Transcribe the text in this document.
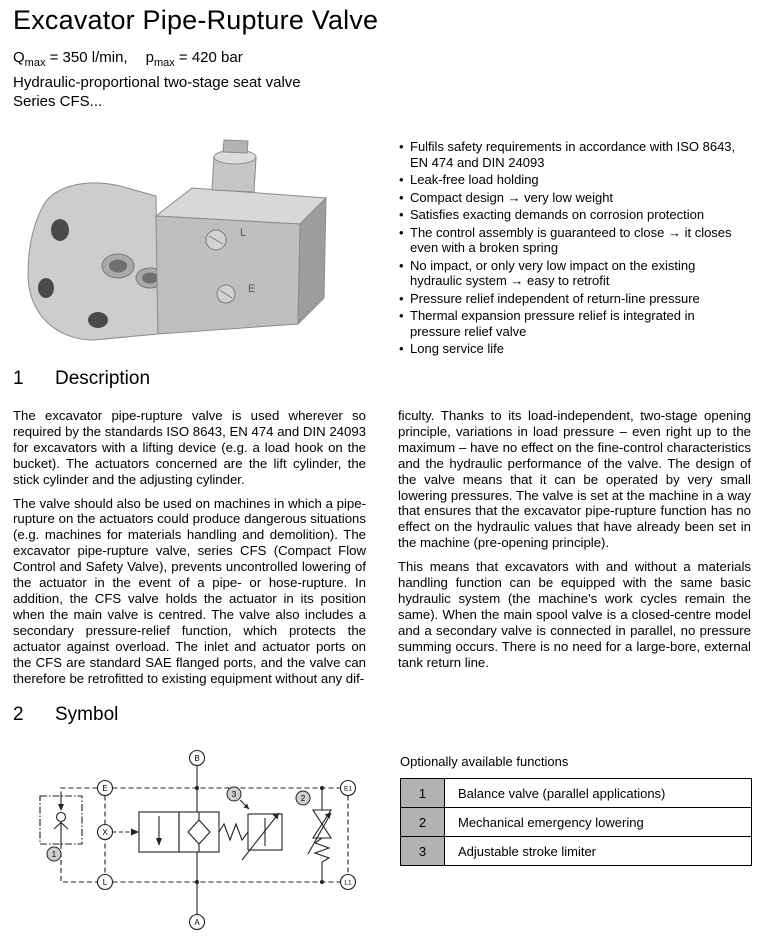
Excavator Pipe-Rupture Valve
$Q_{max} = 350$ l/min, $p_{max} = 420$ bar
Hydraulic-proportional two-stage seat valve
Series CFS...
L
E
• Fulfils safety requirements in accordance with ISO 8643, EN 474 and DIN 24093
• Leak-free load holding
• Compact design → very low weight
• Satisfies exacting demands on corrosion protection
• The control assembly is guaranteed to close → it closes even with a broken spring
• No impact, or only very low impact on the existing hydraulic system → easy to retrofit
• Pressure relief independent of return-line pressure
• Thermal expansion pressure relief is integrated in pressure relief valve
• Long service life
1 Description

The excavator pipe-rupture valve is used wherever so required by the standards ISO 8643, EN 474 and DIN 24093 for excavators with a lifting device (e.g. a load hook on the bucket). The actuators concerned are the lift cylinder, the stick cylinder and the adjusting cylinder.

The valve should also be used on machines in which a pipe-rupture on the actuators could produce dangerous situations (e.g. machines for materials handling and demolition). The excavator pipe-rupture valve, series CFS (Compact Flow Control and Safety Valve), prevents uncontrolled lowering of the actuator in the event of a pipe- or hose-rupture. In addition, the CFS valve holds the actuator in its position when the main valve is centred. The valve also includes a secondary pressure-relief function, which protects the actuator against overload. The inlet and actuator ports on the CFS are standard SAE flanged ports, and the valve can therefore be retrofitted to existing equipment without any dif-

ficulty. Thanks to its load-independent, two-stage opening principle, variations in load pressure – even right up to the maximum – have no effect on the fine-control characteristics and the hydraulic performance of the valve. The design of the valve means that it can be operated by very small lowering pressures. The valve is set at the machine in a way that ensures that the excavator pipe-rupture function has no effect on the hydraulic values that have already been set in the machine (pre-opening principle).

This means that excavators with and without a materials handling function can be equipped with the same basic hydraulic system (the machine's work cycles remain the same). When the main spool valve is a closed-centre model and a secondary valve is connected in parallel, no pressure summing occurs. There is no need for a large-bore, external tank return line.

2 Symbol
E
B
E1
X
L	L1
A
1
2
3
Optionally available functions
1	Balance valve (parallel applications)
2	Mechanical emergency lowering
3	Adjustable stroke limiter
